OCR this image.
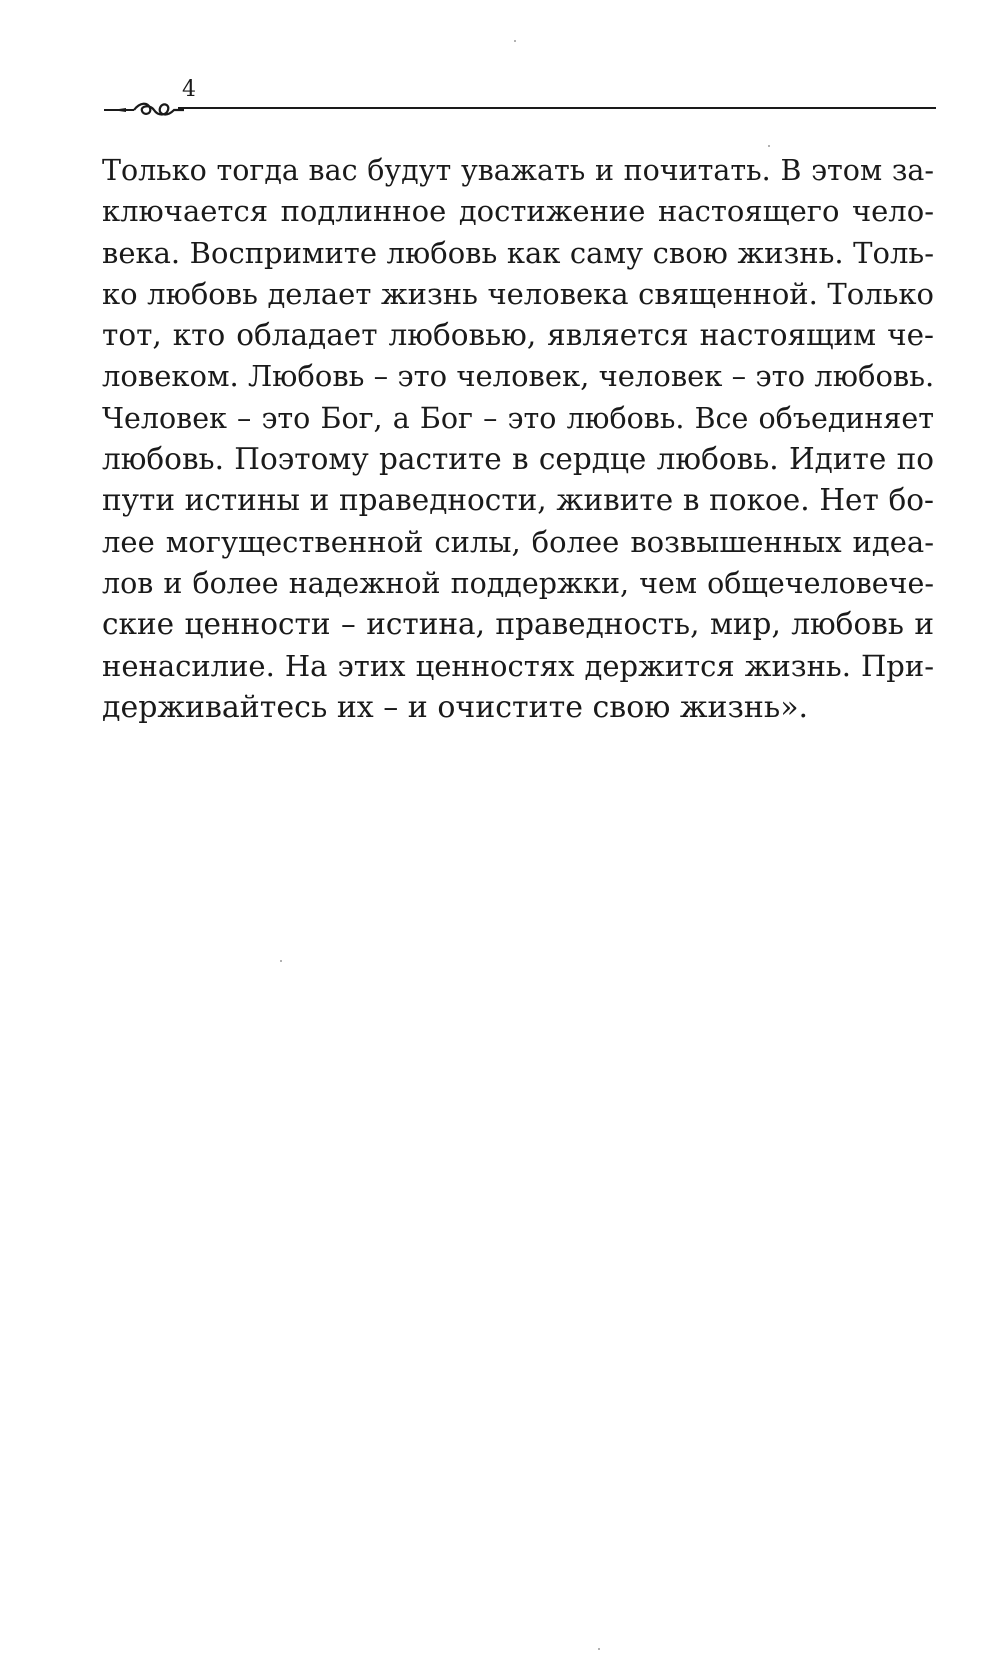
4
Только тогда вас будут уважать и почитать. В этом за-
ключается подлинное достижение настоящего чело-
века. Воспримите любовь как саму свою жизнь. Толь-
ко любовь делает жизнь человека священной. Только
тот, кто обладает любовью, является настоящим че-
ловеком. Любовь – это человек, человек – это любовь.
Человек – это Бог, а Бог – это любовь. Все объединяет
любовь. Поэтому растите в сердце любовь. Идите по
пути истины и праведности, живите в покое. Нет бо-
лее могущественной силы, более возвышенных идеа-
лов и более надежной поддержки, чем общечеловече-
ские ценности – истина, праведность, мир, любовь и
ненасилие. На этих ценностях держится жизнь. При-
держивайтесь их – и очистите свою жизнь».
